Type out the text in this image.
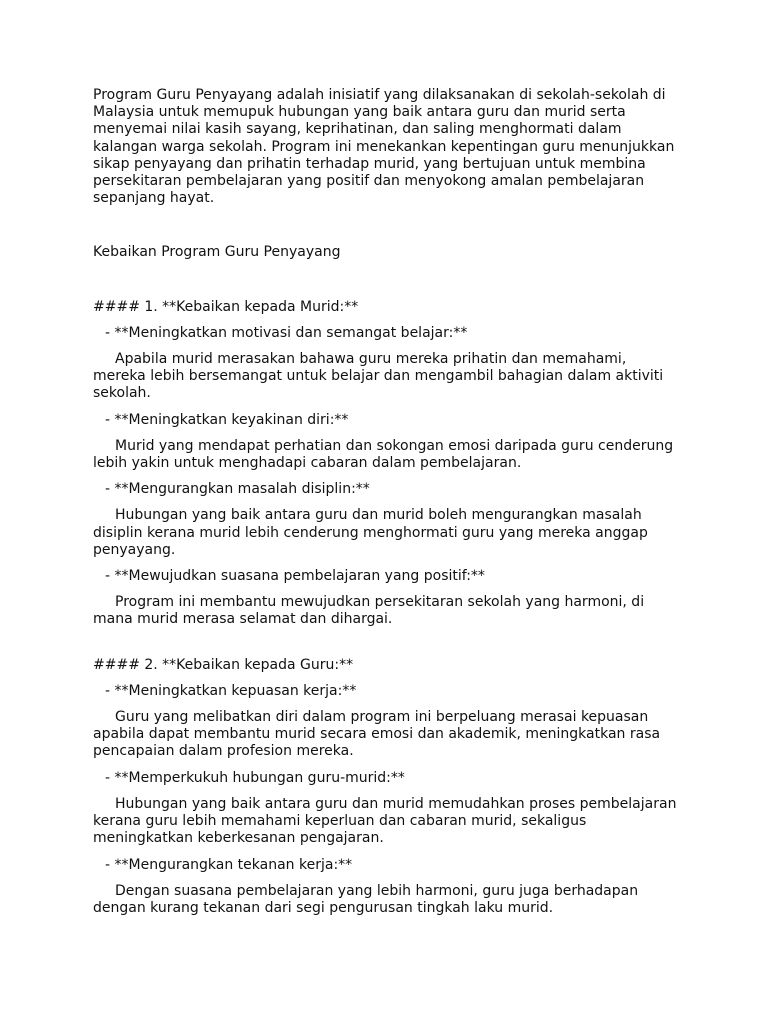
Program Guru Penyayang adalah inisiatif yang dilaksanakan di sekolah-sekolah di Malaysia untuk memupuk hubungan yang baik antara guru dan murid serta menyemai nilai kasih sayang, keprihatinan, dan saling menghormati dalam kalangan warga sekolah. Program ini menekankan kepentingan guru menunjukkan sikap penyayang dan prihatin terhadap murid, yang bertujuan untuk membina persekitaran pembelajaran yang positif dan menyokong amalan pembelajaran sepanjang hayat.

Kebaikan Program Guru Penyayang

#### 1. **Kebaikan kepada Murid:**

- **Meningkatkan motivasi dan semangat belajar:**

Apabila murid merasakan bahawa guru mereka prihatin dan memahami, mereka lebih bersemangat untuk belajar dan mengambil bahagian dalam aktiviti sekolah.

- **Meningkatkan keyakinan diri:**

Murid yang mendapat perhatian dan sokongan emosi daripada guru cenderung lebih yakin untuk menghadapi cabaran dalam pembelajaran.

- **Mengurangkan masalah disiplin:**

Hubungan yang baik antara guru dan murid boleh mengurangkan masalah disiplin kerana murid lebih cenderung menghormati guru yang mereka anggap penyayang.

- **Mewujudkan suasana pembelajaran yang positif:**

Program ini membantu mewujudkan persekitaran sekolah yang harmoni, di mana murid merasa selamat dan dihargai.

#### 2. **Kebaikan kepada Guru:**

- **Meningkatkan kepuasan kerja:**

Guru yang melibatkan diri dalam program ini berpeluang merasai kepuasan apabila dapat membantu murid secara emosi dan akademik, meningkatkan rasa pencapaian dalam profesion mereka.

- **Memperkukuh hubungan guru-murid:**

Hubungan yang baik antara guru dan murid memudahkan proses pembelajaran kerana guru lebih memahami keperluan dan cabaran murid, sekaligus meningkatkan keberkesanan pengajaran.

- **Mengurangkan tekanan kerja:**

Dengan suasana pembelajaran yang lebih harmoni, guru juga berhadapan dengan kurang tekanan dari segi pengurusan tingkah laku murid.
